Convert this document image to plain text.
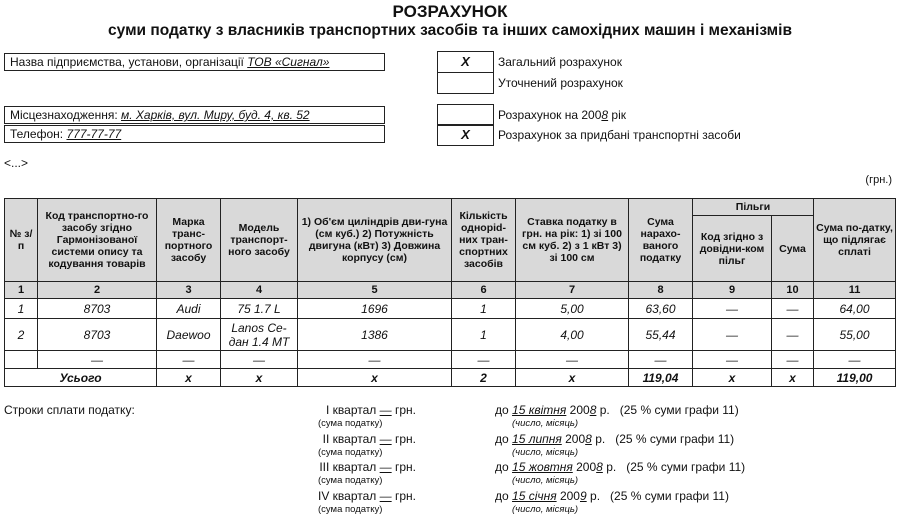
РОЗРАХУНОК
суми податку з власників транспортних засобів та інших самохідних машин і механізмів
Назва підприємства, установи, організації ТОВ «Сигнал»
Місцезнаходження: м. Харків, вул. Миру, буд. 4, кв. 52
Телефон: 777-77-77
X	Загальний розрахунок
Уточнений розрахунок
Розрахунок на 2008 рік
X	Розрахунок за придбані транспортні засоби
<...>
(грн.)
№ з/п	Код транспортно-го засобу згідно Гармонізованої системи опису та кодування товарів	Марка транс-портного засобу	Модель транспорт-ного засобу	1) Об'єм циліндрів дви-гуна (см куб.) 2) Потужність двигуна (кВт) 3) Довжина корпусу (см)	Кількість одноріd-них тран-спортних засобів	Ставка податку в грн. на рік: 1) зі 100 см куб. 2) з 1 кВт 3) зі 100 см	Сума нарахо-ваного податку	Пільги		Сума по-датку, що підлягає сплаті
								Код згідно з довідни-ком пільг	Сума	
1	2	3	4	5	6	7	8	9	10	11
1	8703	Audi	75 1.7 L	1696	1	5,00	63,60	—	—	64,00
2	8703	Daewoo	Lanos Се-дан 1.4 МТ	1386	1	4,00	55,44	—	—	55,00
	—	—	—	—	—	—	—	—	—	—
Усього		х	х	х	2	х	119,04	х	х	119,00
Строки сплати податку:	І квартал — грн.
(сума податку)
до 15 квітня 2008 р. (25 % суми графи 11)
(число, місяць)
ІІ квартал — грн.
(сума податку)
до 15 липня 2008 р. (25 % суми графи 11)
(число, місяць)
ІІІ квартал — грн.
(сума податку)
до 15 жовтня 2008 р. (25 % суми графи 11)
(число, місяць)
IV квартал — грн.
(сума податку)
до 15 січня 2009 р. (25 % суми графи 11)
(число, місяць)
